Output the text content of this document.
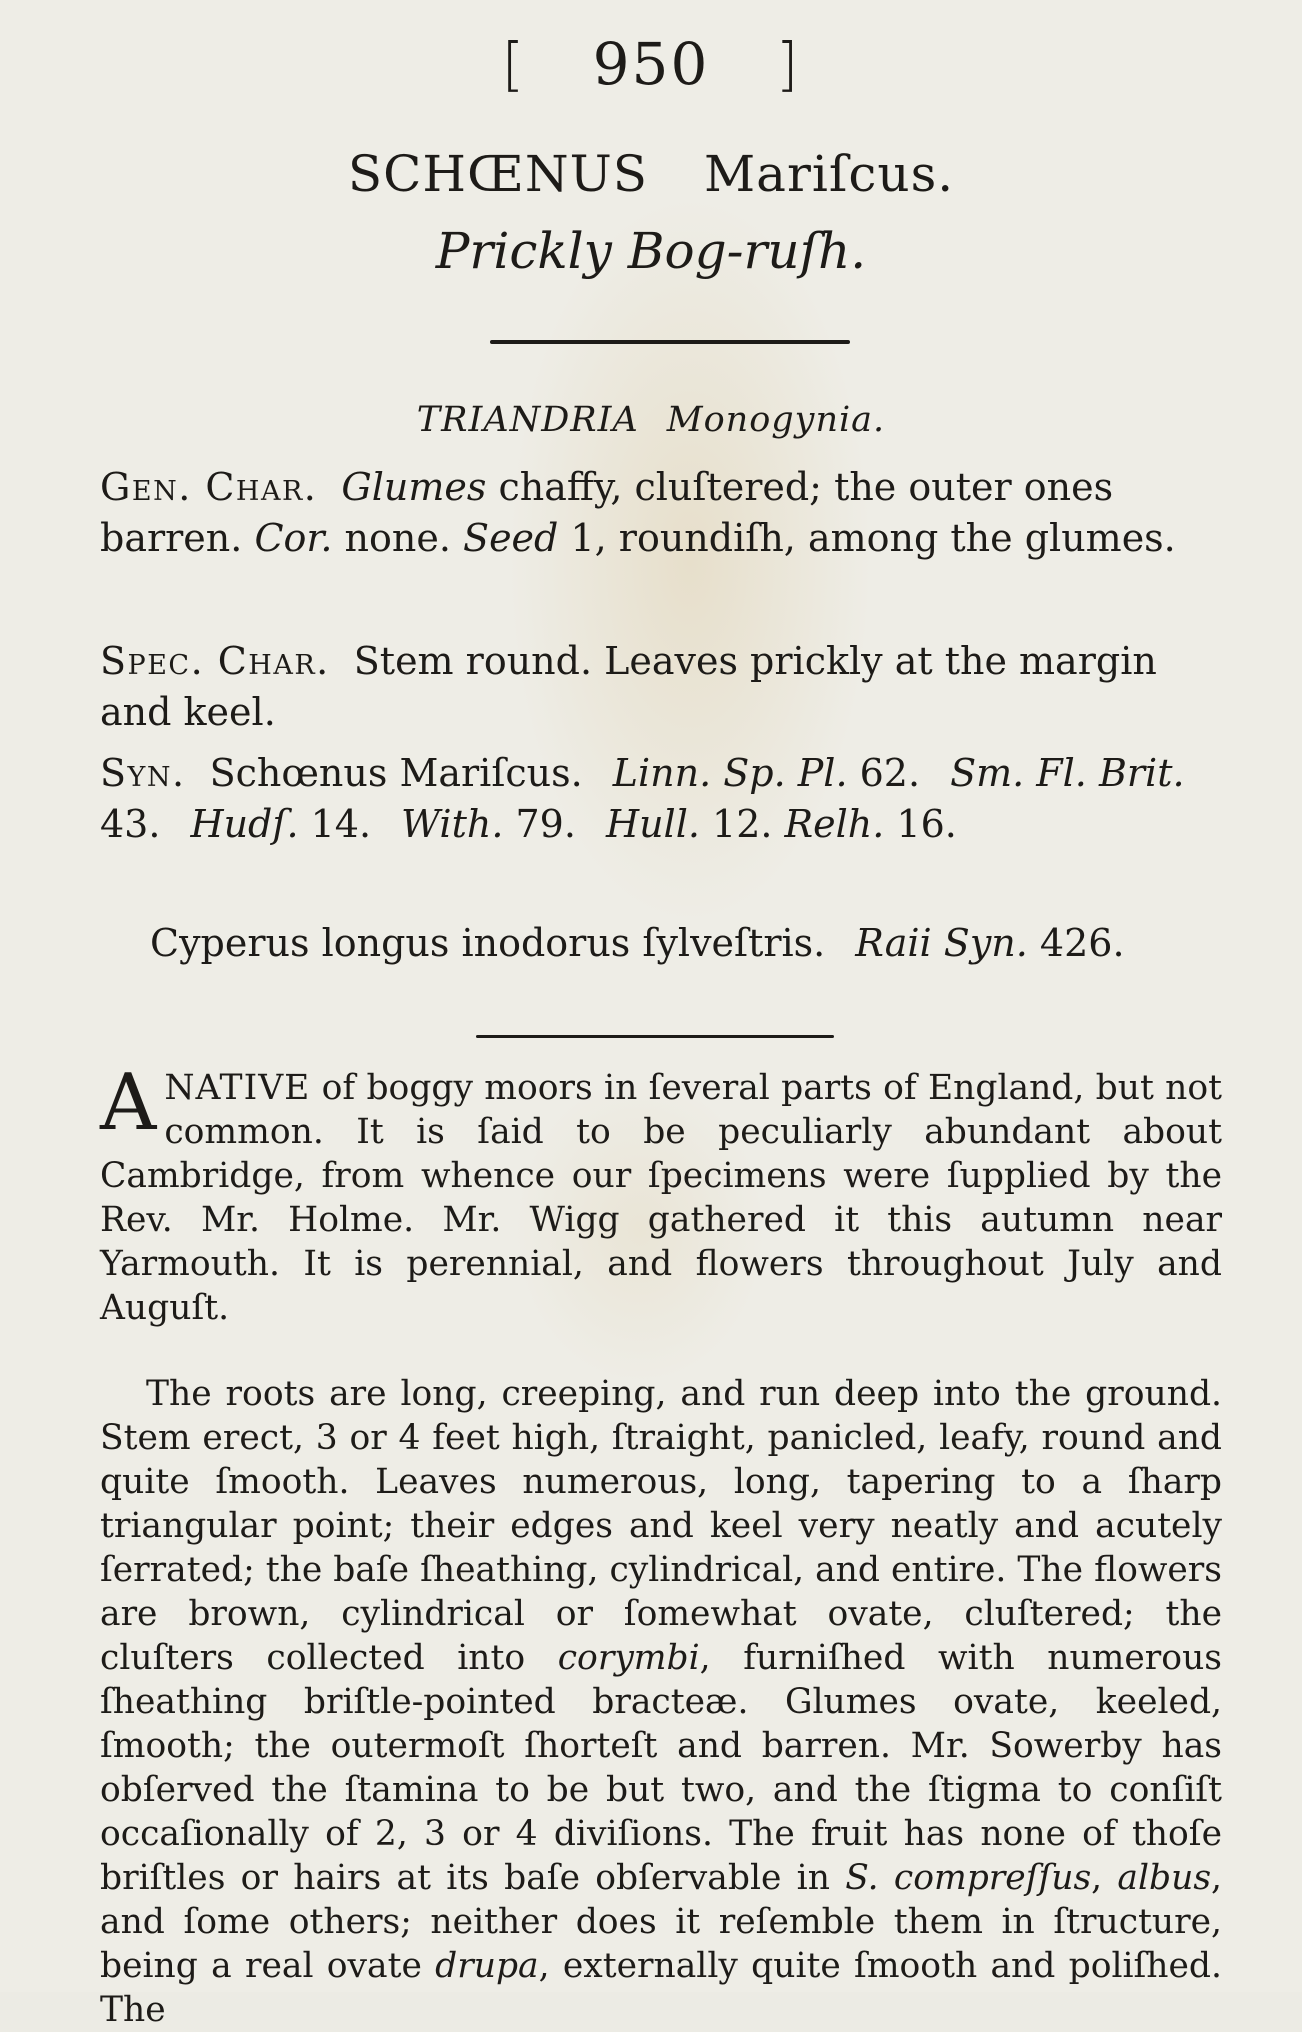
[ 950 ]
SCHŒNUS Mariſcus.
Prickly Bog-ruſh.
TRIANDRIA Monogynia.
Gen. Char. Glumes chaffy, cluſtered; the outer ones barren. Cor. none. Seed 1, roundiſh, among the glumes.
Spec. Char. Stem round. Leaves prickly at the margin and keel.
Syn. Schœnus Mariſcus. Linn. Sp. Pl. 62. Sm. Fl. Brit. 43. Hudſ. 14. With. 79. Hull. 12. Relh. 16.
Cyperus longus inodorus ſylveſtris. Raii Syn. 426.
ANATIVE of boggy moors in ſeveral parts of England, but not common. It is ſaid to be peculiarly abundant about Cambridge, from whence our ſpecimens were ſupplied by the Rev. Mr. Holme. Mr. Wigg gathered it this autumn near Yarmouth. It is perennial, and flowers throughout July and Auguſt.
The roots are long, creeping, and run deep into the ground. Stem erect, 3 or 4 feet high, ſtraight, panicled, leafy, round and quite ſmooth. Leaves numerous, long, tapering to a ſharp triangular point; their edges and keel very neatly and acutely ſerrated; the baſe ſheathing, cylindrical, and entire. The flowers are brown, cylindrical or ſomewhat ovate, cluſtered; the cluſters collected into corymbi, furniſhed with numerous ſheathing briſtle-pointed bracteæ. Glumes ovate, keeled, ſmooth; the outermoſt ſhorteſt and barren. Mr. Sowerby has obſerved the ſtamina to be but two, and the ſtigma to conſiſt occaſionally of 2, 3 or 4 diviſions. The fruit has none of thoſe briſtles or hairs at its baſe obſervable in S. compreſſus, albus, and ſome others; neither does it reſemble them in ſtructure, being a real ovate drupa, externally quite ſmooth and poliſhed. The
